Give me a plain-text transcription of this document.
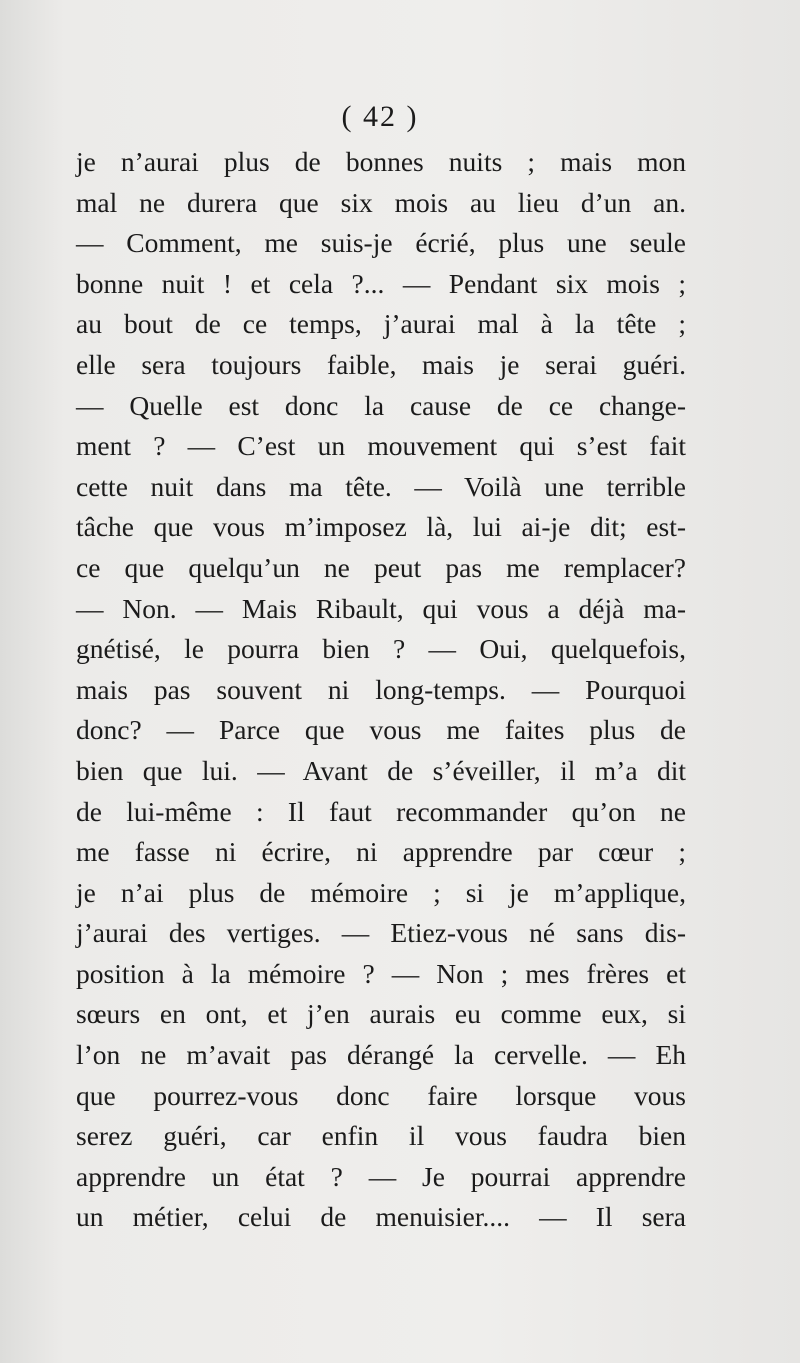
( 42 )
je n’aurai plus de bonnes nuits ; mais mon
mal ne durera que six mois au lieu d’un an.
— Comment, me suis-je écrié, plus une seule
bonne nuit ! et cela ?... — Pendant six mois ;
au bout de ce temps, j’aurai mal à la tête ;
elle sera toujours faible, mais je serai guéri.
— Quelle est donc la cause de ce change-
ment ? — C’est un mouvement qui s’est fait
cette nuit dans ma tête. — Voilà une terrible
tâche que vous m’imposez là, lui ai-je dit; est-
ce que quelqu’un ne peut pas me remplacer?
— Non. — Mais Ribault, qui vous a déjà ma-
gnétisé, le pourra bien ? — Oui, quelquefois,
mais pas souvent ni long-temps. — Pourquoi
donc? — Parce que vous me faites plus de
bien que lui. — Avant de s’éveiller, il m’a dit
de lui-même : Il faut recommander qu’on ne
me fasse ni écrire, ni apprendre par cœur ;
je n’ai plus de mémoire ; si je m’applique,
j’aurai des vertiges. — Etiez-vous né sans dis-
position à la mémoire ? — Non ; mes frères et
sœurs en ont, et j’en aurais eu comme eux, si
l’on ne m’avait pas dérangé la cervelle. — Eh
que pourrez-vous donc faire lorsque vous
serez guéri, car enfin il vous faudra bien
apprendre un état ? — Je pourrai apprendre
un métier, celui de menuisier.... — Il sera
